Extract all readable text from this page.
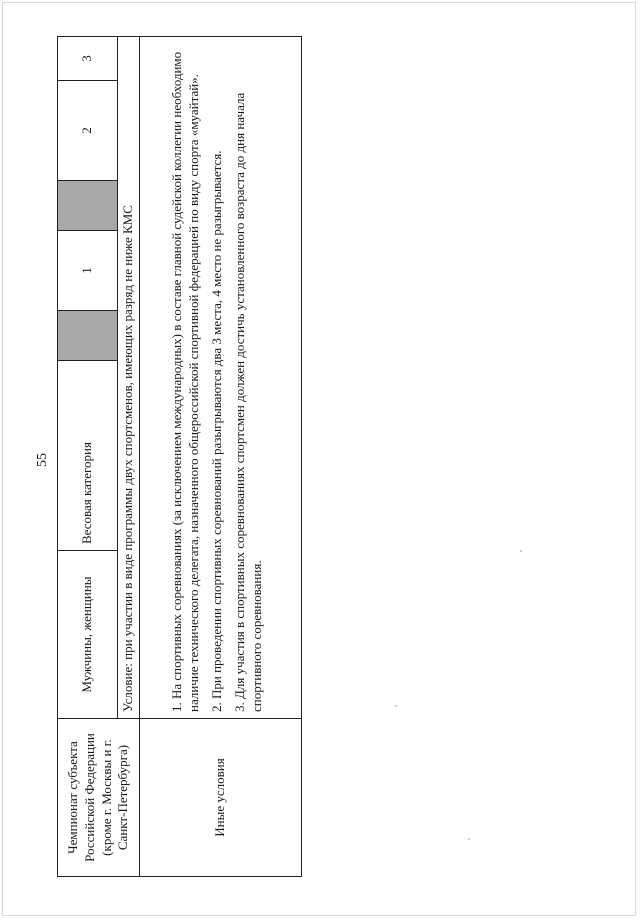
55
Чемпионат субъекта Российской Федерации (кроме г. Москвы и г. Санкт-Петербурга)	Мужчины, женщины	Весовая категория		1		2	3
	Условие: при участии в виде программы двух спортсменов, имеющих разряд не ниже КМС						
Иные условия	1. На спортивных соревнованиях (за исключением международных) в составе главной судейской коллегии необходимо наличие технического делегата, назначенного общероссийской спортивной федерацией по виду спорта «муайтай». 2. При проведении спортивных соревнований разыгрываются два 3 места, 4 место не разыгрывается. 3. Для участия в спортивных соревнованиях спортсмен должен достичь установленного возраста до дня начала спортивного соревнования.						
